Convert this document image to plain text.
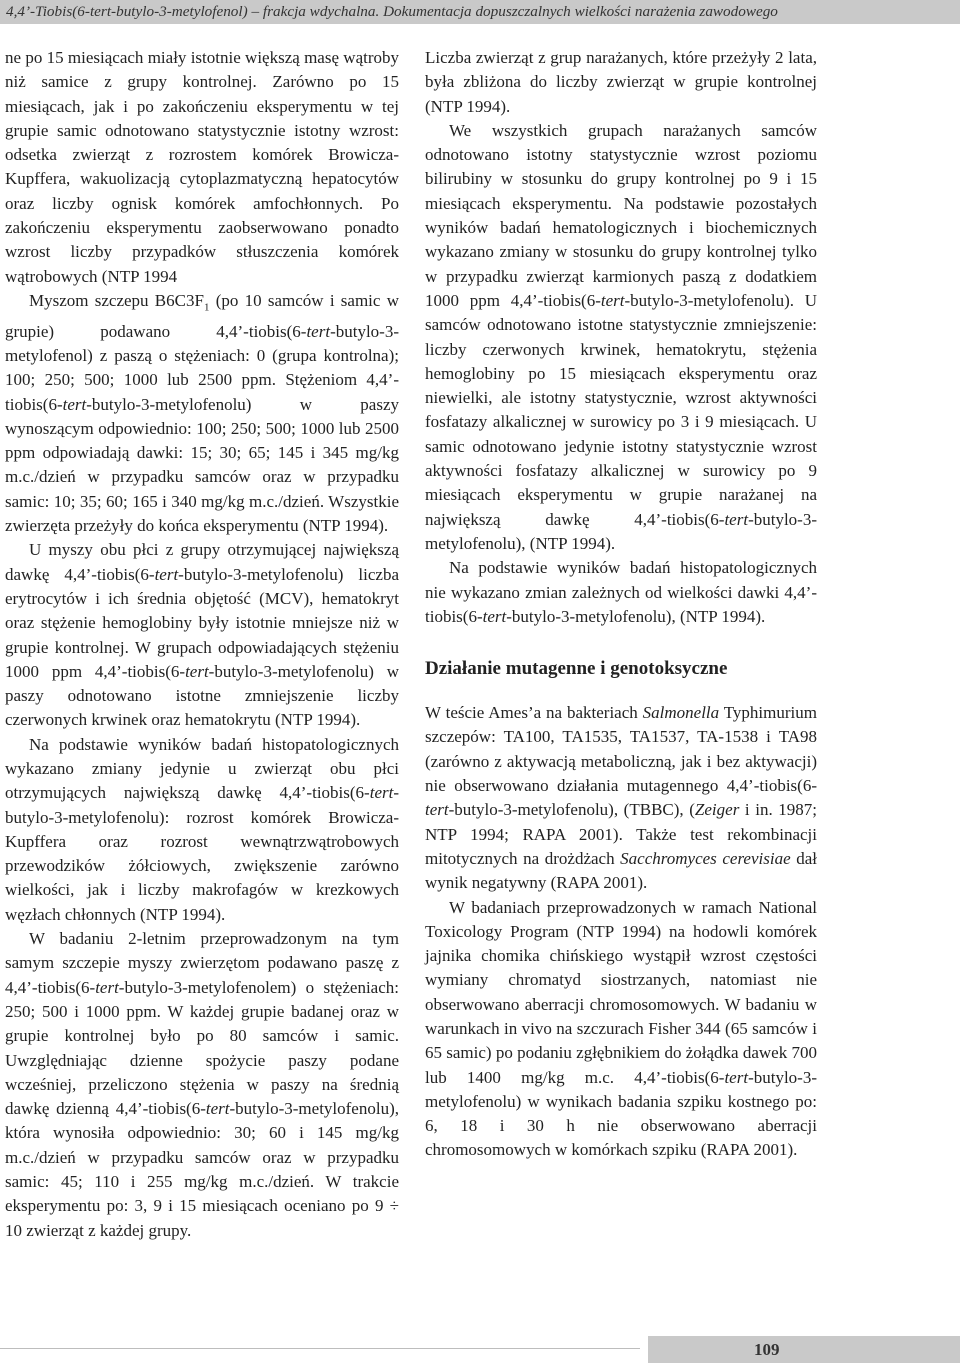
4,4’-Tiobis(6-tert-butylo-3-metylofenol) – frakcja wdychalna. Dokumentacja dopuszczalnych wielkości narażenia zawodowego

ne po 15 miesiącach miały istotnie większą masę wątroby niż samice z grupy kontrolnej. Zarówno po 15 miesiącach, jak i po zakończeniu eksperymentu w tej grupie samic odnotowano statystycznie istotny wzrost: odsetka zwierząt z rozrostem komórek Browicza-Kupffera, wakuolizacją cytoplazmatyczną hepatocytów oraz liczby ognisk komórek amfochłonnych. Po zakończeniu eksperymentu zaobserwowano ponadto wzrost liczby przypadków stłuszczenia komórek wątrobowych (NTP 1994

Myszom szczepu $B6C3F_1$ (po 10 samców i samic w grupie) podawano 4,4’-tiobis(6-tert-butylo-3-metylofenol) z paszą o stężeniach: 0 (grupa kontrolna); 100; 250; 500; 1000 lub 2500 ppm. Stężeniom 4,4’-tiobis(6-tert-butylo-3-metylofenolu) w paszy wynoszącym odpowiednio: 100; 250; 500; 1000 lub 2500 ppm odpowiadają dawki: 15; 30; 65; 145 i 345 mg/kg m.c./dzień w przypadku samców oraz w przypadku samic: 10; 35; 60; 165 i 340 mg/kg m.c./dzień. Wszystkie zwierzęta przeżyły do końca eksperymentu (NTP 1994).

U myszy obu płci z grupy otrzymującej największą dawkę 4,4’-tiobis(6-tert-butylo-3-metylofenolu) liczba erytrocytów i ich średnia objętość (MCV), hematokryt oraz stężenie hemoglobiny były istotnie mniejsze niż w grupie kontrolnej. W grupach odpowiadających stężeniu 1000 ppm 4,4’-tiobis(6-tert-butylo-3-metylofenolu) w paszy odnotowano istotne zmniejszenie liczby czerwonych krwinek oraz hematokrytu (NTP 1994).

Na podstawie wyników badań histopatologicznych wykazano zmiany jedynie u zwierząt obu płci otrzymujących największą dawkę 4,4’-tiobis(6-tert-butylo-3-metylofenolu): rozrost komórek Browicza-Kupffera oraz rozrost wewnątrzwątrobowych przewodzików żółciowych, zwiększenie zarówno wielkości, jak i liczby makrofagów w krezkowych węzłach chłonnych (NTP 1994).

W badaniu 2-letnim przeprowadzonym na tym samym szczepie myszy zwierzętom podawano paszę z 4,4’-tiobis(6-tert-butylo-3-metylofenolem) o stężeniach: 250; 500 i 1000 ppm. W każdej grupie badanej oraz w grupie kontrolnej było po 80 samców i samic. Uwzględniając dzienne spożycie paszy podane wcześniej, przeliczono stężenia w paszy na średnią dawkę dzienną 4,4’-tiobis(6-tert-butylo-3-metylofenolu), która wynosiła odpowiednio: 30; 60 i 145 mg/kg m.c./dzień w przypadku samców oraz w przypadku samic: 45; 110 i 255 mg/kg m.c./dzień. W trakcie eksperymentu po: 3, 9 i 15 miesiącach oceniano po 9 ÷ 10 zwierząt z każdej grupy.

Liczba zwierząt z grup narażanych, które przeżyły 2 lata, była zbliżona do liczby zwierząt w grupie kontrolnej (NTP 1994).

We wszystkich grupach narażanych samców odnotowano istotny statystycznie wzrost poziomu bilirubiny w stosunku do grupy kontrolnej po 9 i 15 miesiącach eksperymentu. Na podstawie pozostałych wyników badań hematologicznych i biochemicznych wykazano zmiany w stosunku do grupy kontrolnej tylko w przypadku zwierząt karmionych paszą z dodatkiem 1000 ppm 4,4’-tiobis(6-tert-butylo-3-metylofenolu). U samców odnotowano istotne statystycznie zmniejszenie: liczby czerwonych krwinek, hematokrytu, stężenia hemoglobiny po 15 miesiącach eksperymentu oraz niewielki, ale istotny statystycznie, wzrost aktywności fosfatazy alkalicznej w surowicy po 3 i 9 miesiącach. U samic odnotowano jedynie istotny statystycznie wzrost aktywności fosfatazy alkalicznej w surowicy po 9 miesiącach eksperymentu w grupie narażanej na największą dawkę 4,4’-tiobis(6-tert-butylo-3-metylofenolu), (NTP 1994).

Na podstawie wyników badań histopatologicznych nie wykazano zmian zależnych od wielkości dawki 4,4’-tiobis(6-tert-butylo-3-metylofenolu), (NTP 1994).

Działanie mutagenne i genotoksyczne

W teście Ames’a na bakteriach Salmonella Typhimurium szczepów: TA100, TA1535, TA1537, TA-1538 i TA98 (zarówno z aktywacją metaboliczną, jak i bez aktywacji) nie obserwowano działania mutagennego 4,4’-tiobis(6-tert-butylo-3-metylofenolu), (TBBC), (Zeiger i in. 1987; NTP 1994; RAPA 2001). Także test rekombinacji mitotycznych na drożdżach Sacchromyces cerevisiae dał wynik negatywny (RAPA 2001).

W badaniach przeprowadzonych w ramach National Toxicology Program (NTP 1994) na hodowli komórek jajnika chomika chińskiego wystąpił wzrost częstości wymiany chromatyd siostrzanych, natomiast nie obserwowano aberracji chromosomowych. W badaniu w warunkach in vivo na szczurach Fisher 344 (65 samców i 65 samic) po podaniu zgłębnikiem do żołądka dawek 700 lub 1400 mg/kg m.c. 4,4’-tiobis(6-tert-butylo-3-metylofenolu) w wynikach badania szpiku kostnego po: 6, 18 i 30 h nie obserwowano aberracji chromosomowych w komórkach szpiku (RAPA 2001).

109
